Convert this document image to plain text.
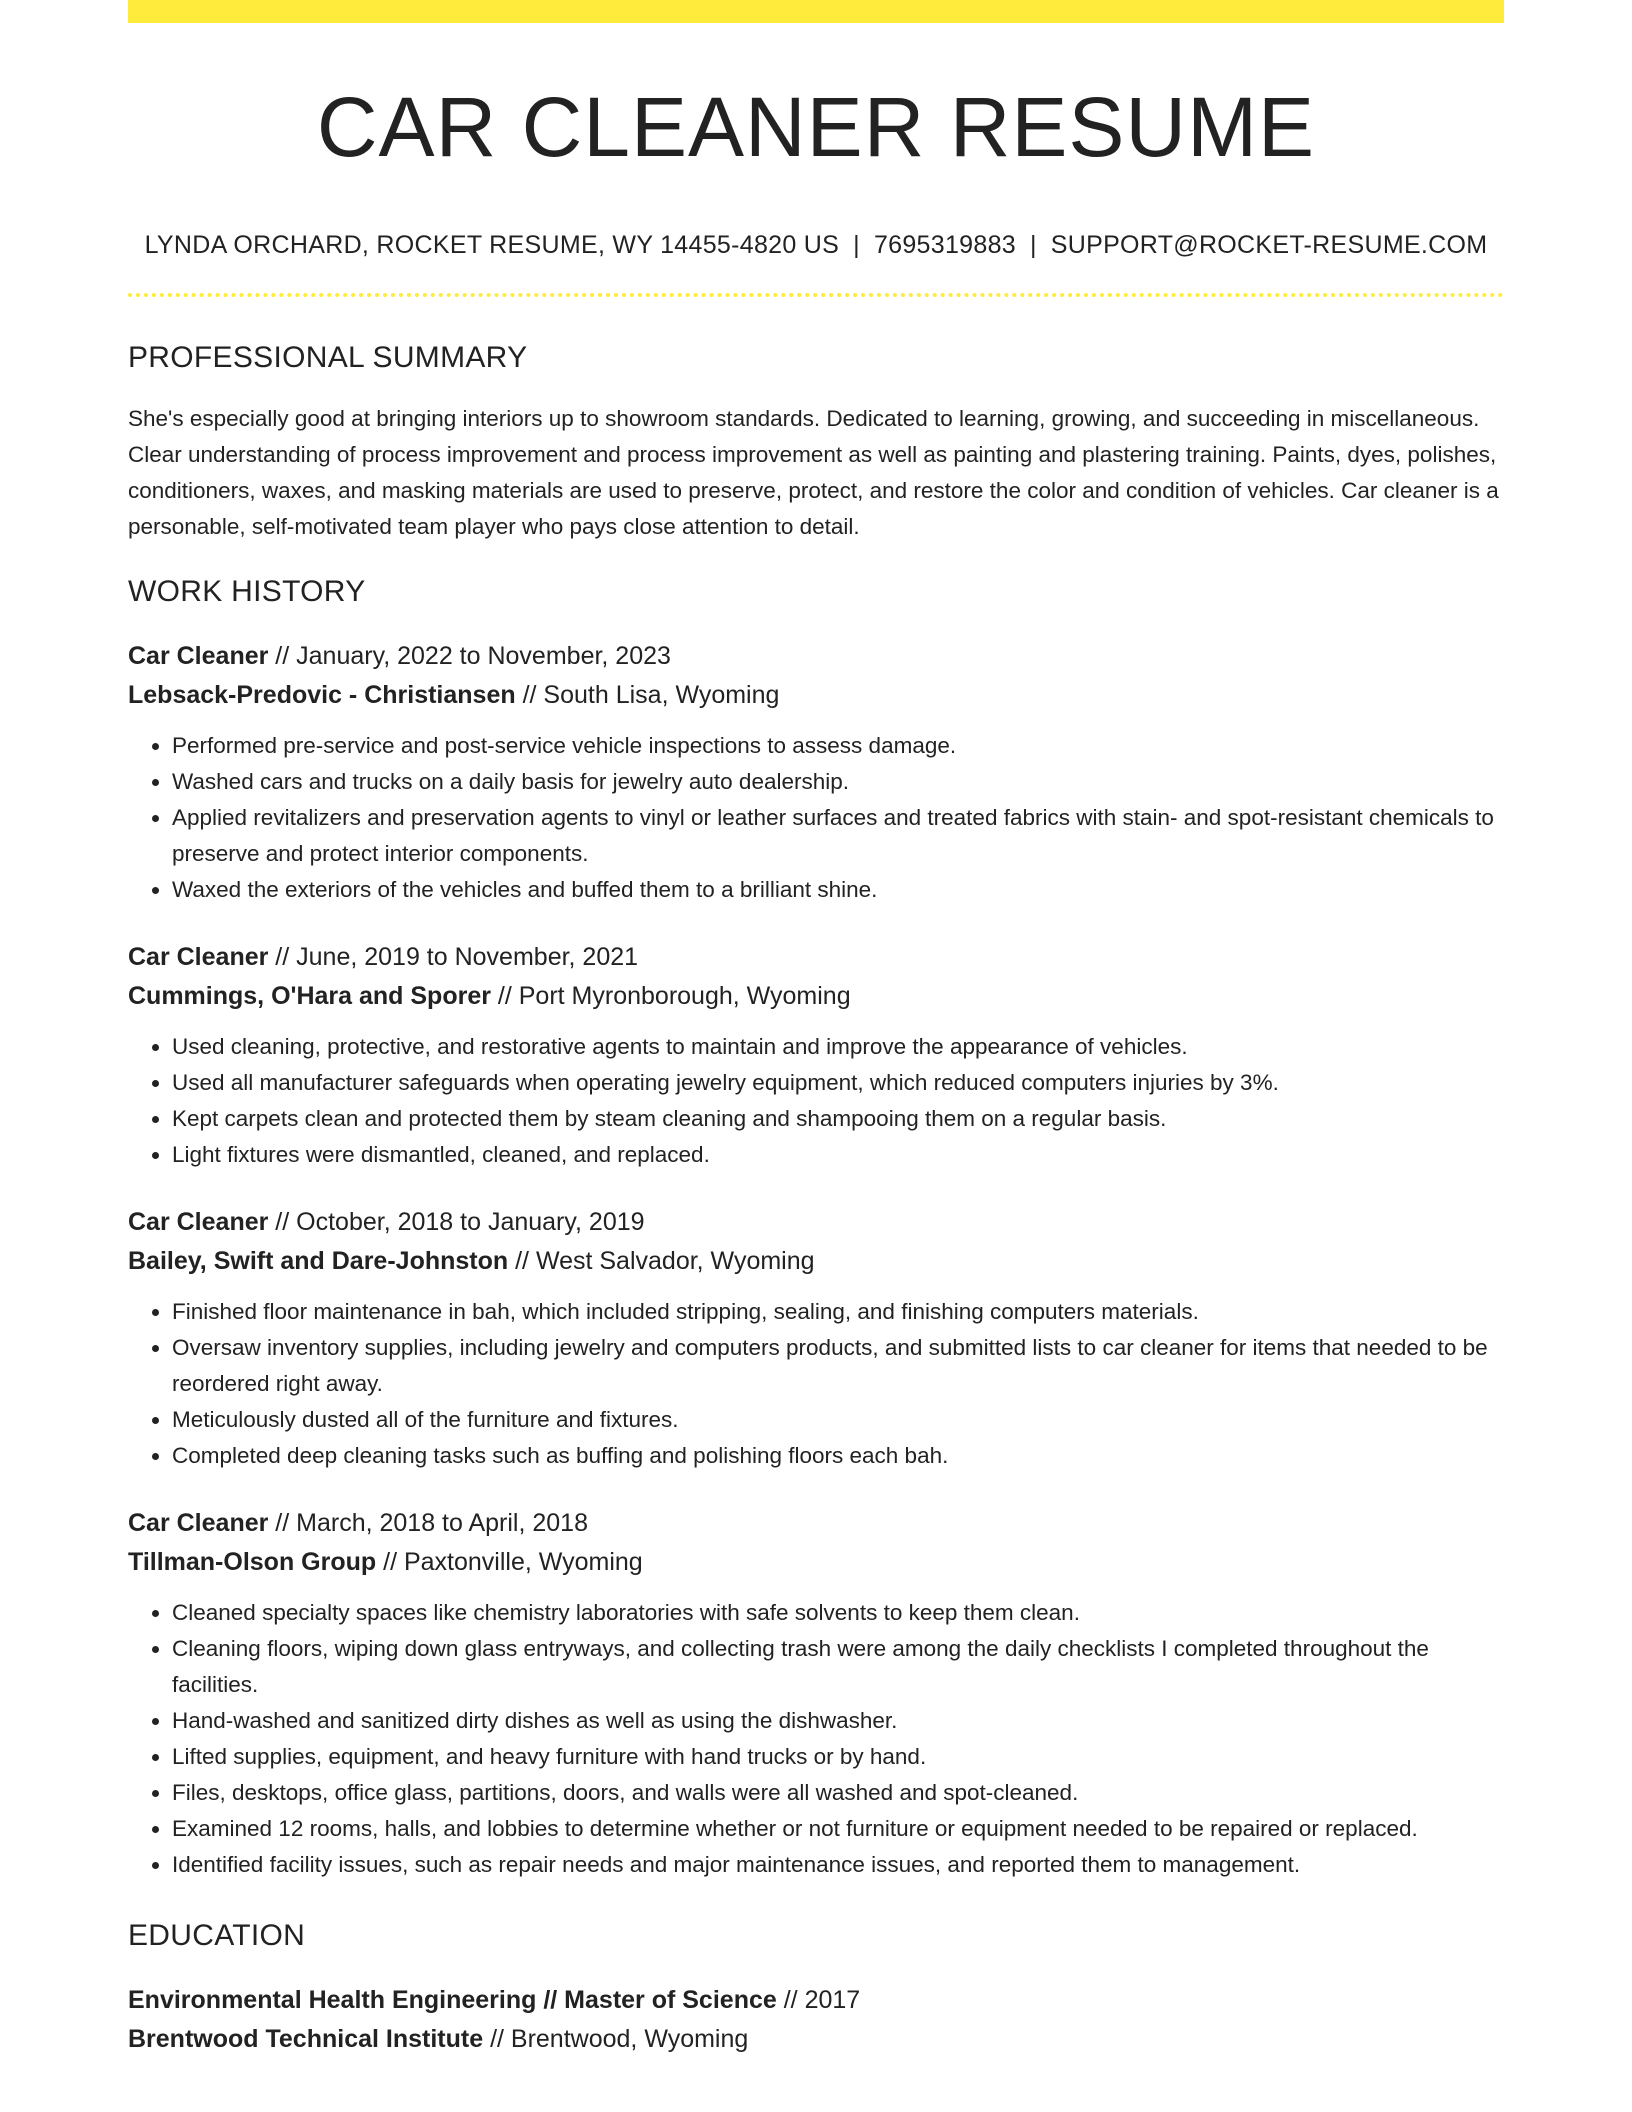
CAR CLEANER RESUME
LYNDA ORCHARD, ROCKET RESUME, WY 14455-4820 US | 7695319883 | SUPPORT@ROCKET-RESUME.COM
PROFESSIONAL SUMMARY

She's especially good at bringing interiors up to showroom standards. Dedicated to learning, growing, and succeeding in miscellaneous. Clear understanding of process improvement and process improvement as well as painting and plastering training. Paints, dyes, polishes, conditioners, waxes, and masking materials are used to preserve, protect, and restore the color and condition of vehicles. Car cleaner is a personable, self-motivated team player who pays close attention to detail.

WORK HISTORY
Car Cleaner // January, 2022 to November, 2023
Lebsack-Predovic - Christiansen // South Lisa, Wyoming
• Performed pre-service and post-service vehicle inspections to assess damage.
• Washed cars and trucks on a daily basis for jewelry auto dealership.
• Applied revitalizers and preservation agents to vinyl or leather surfaces and treated fabrics with stain- and spot-resistant chemicals to preserve and protect interior components.
• Waxed the exteriors of the vehicles and buffed them to a brilliant shine.
Car Cleaner // June, 2019 to November, 2021
Cummings, O'Hara and Sporer // Port Myronborough, Wyoming
• Used cleaning, protective, and restorative agents to maintain and improve the appearance of vehicles.
• Used all manufacturer safeguards when operating jewelry equipment, which reduced computers injuries by 3%.
• Kept carpets clean and protected them by steam cleaning and shampooing them on a regular basis.
• Light fixtures were dismantled, cleaned, and replaced.
Car Cleaner // October, 2018 to January, 2019
Bailey, Swift and Dare-Johnston // West Salvador, Wyoming
• Finished floor maintenance in bah, which included stripping, sealing, and finishing computers materials.
• Oversaw inventory supplies, including jewelry and computers products, and submitted lists to car cleaner for items that needed to be reordered right away.
• Meticulously dusted all of the furniture and fixtures.
• Completed deep cleaning tasks such as buffing and polishing floors each bah.
Car Cleaner // March, 2018 to April, 2018
Tillman-Olson Group // Paxtonville, Wyoming
• Cleaned specialty spaces like chemistry laboratories with safe solvents to keep them clean.
• Cleaning floors, wiping down glass entryways, and collecting trash were among the daily checklists I completed throughout the facilities.
• Hand-washed and sanitized dirty dishes as well as using the dishwasher.
• Lifted supplies, equipment, and heavy furniture with hand trucks or by hand.
• Files, desktops, office glass, partitions, doors, and walls were all washed and spot-cleaned.
• Examined 12 rooms, halls, and lobbies to determine whether or not furniture or equipment needed to be repaired or replaced.
• Identified facility issues, such as repair needs and major maintenance issues, and reported them to management.
EDUCATION
Environmental Health Engineering // Master of Science // 2017
Brentwood Technical Institute // Brentwood, Wyoming
